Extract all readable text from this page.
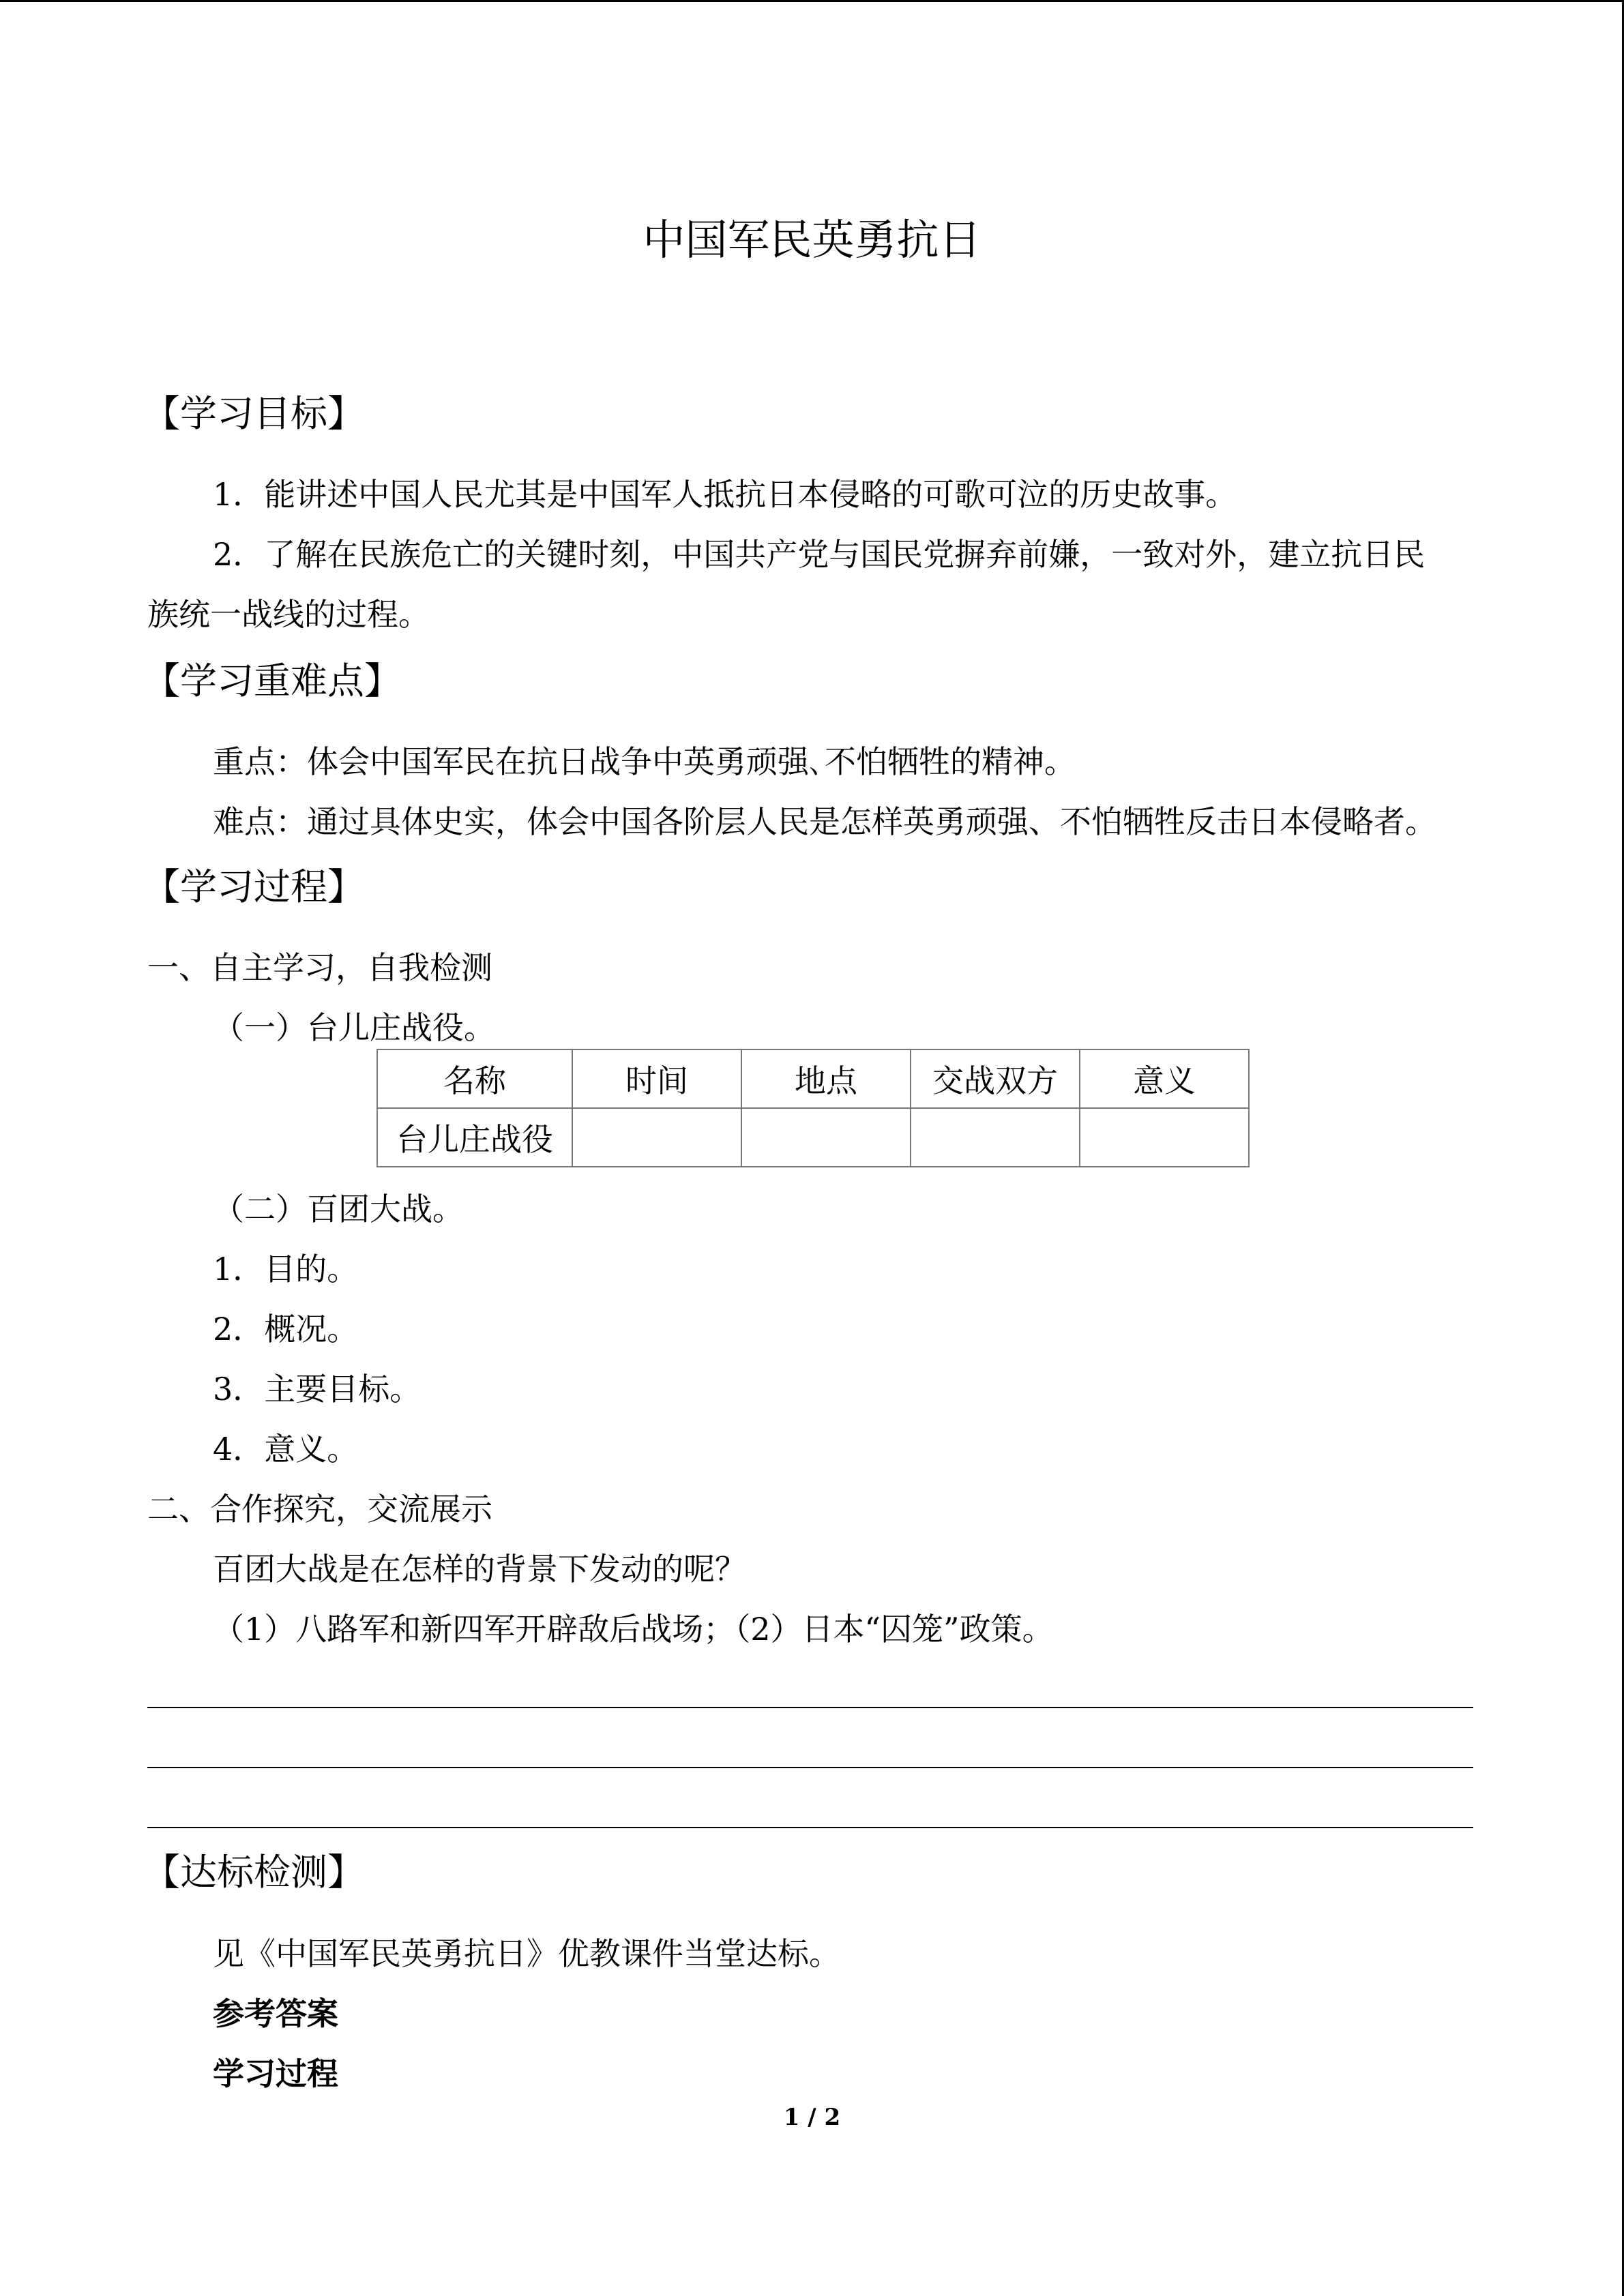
中国军民英勇抗日
【学习目标】
1．能讲述中国人民尤其是中国军人抵抗日本侵略的可歌可泣的历史故事。
2．了解在民族危亡的关键时刻，中国共产党与国民党摒弃前嫌，一致对外，建立抗日民
族统一战线的过程。
【学习重难点】
重点：体会中国军民在抗日战争中英勇顽强､不怕牺牲的精神。
难点：通过具体史实，体会中国各阶层人民是怎样英勇顽强、不怕牺牲反击日本侵略者。
【学习过程】
一、自主学习，自我检测
（一）台儿庄战役。
名称	时间	地点	交战双方	意义
台儿庄战役				
（二）百团大战。
1．目的。
2．概况。
3．主要目标。
4．意义。
二、合作探究，交流展示
百团大战是在怎样的背景下发动的呢？
（1）八路军和新四军开辟敌后战场；（2）日本“囚笼”政策。
【达标检测】
见《中国军民英勇抗日》优教课件当堂达标。
参考答案
学习过程
1 / 2
